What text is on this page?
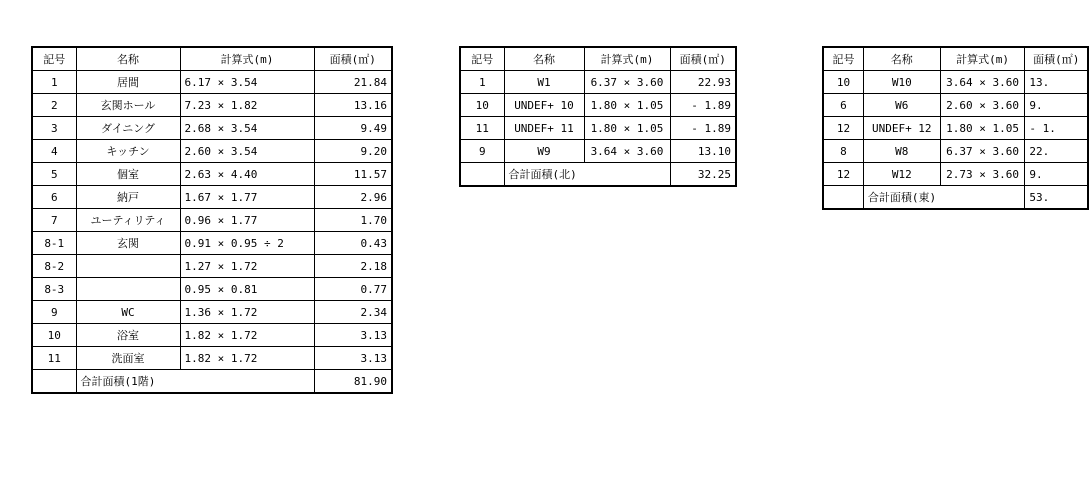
記号	名称	計算式(m)	面積(㎡)
1	居間	6.17 × 3.54	21.84
2	玄関ホール	7.23 × 1.82	13.16
3	ダイニング	2.68 × 3.54	9.49
4	キッチン	2.60 × 3.54	9.20
5	個室	2.63 × 4.40	11.57
6	納戸	1.67 × 1.77	2.96
7	ユーティリティ	0.96 × 1.77	1.70
8-1	玄関	0.91 × 0.95 ÷ 2	0.43
8-2		1.27 × 1.72	2.18
8-3		0.95 × 0.81	0.77
9	WC	1.36 × 1.72	2.34
10	浴室	1.82 × 1.72	3.13
11	洗面室	1.82 × 1.72	3.13
	合計面積(1階)		81.90
記号	名称	計算式(m)	面積(㎡)
1	W1	6.37 × 3.60	22.93
10	UNDEF+ 10	1.80 × 1.05	- 1.89
11	UNDEF+ 11	1.80 × 1.05	- 1.89
9	W9	3.64 × 3.60	13.10
	合計面積(北)		32.25
記号	名称	計算式(m)	面積(㎡)
10	W10	3.64 × 3.60	13.
6	W6	2.60 × 3.60	9.
12	UNDEF+ 12	1.80 × 1.05	- 1.
8	W8	6.37 × 3.60	22.
12	W12	2.73 × 3.60	9.
	合計面積(東)		53.
